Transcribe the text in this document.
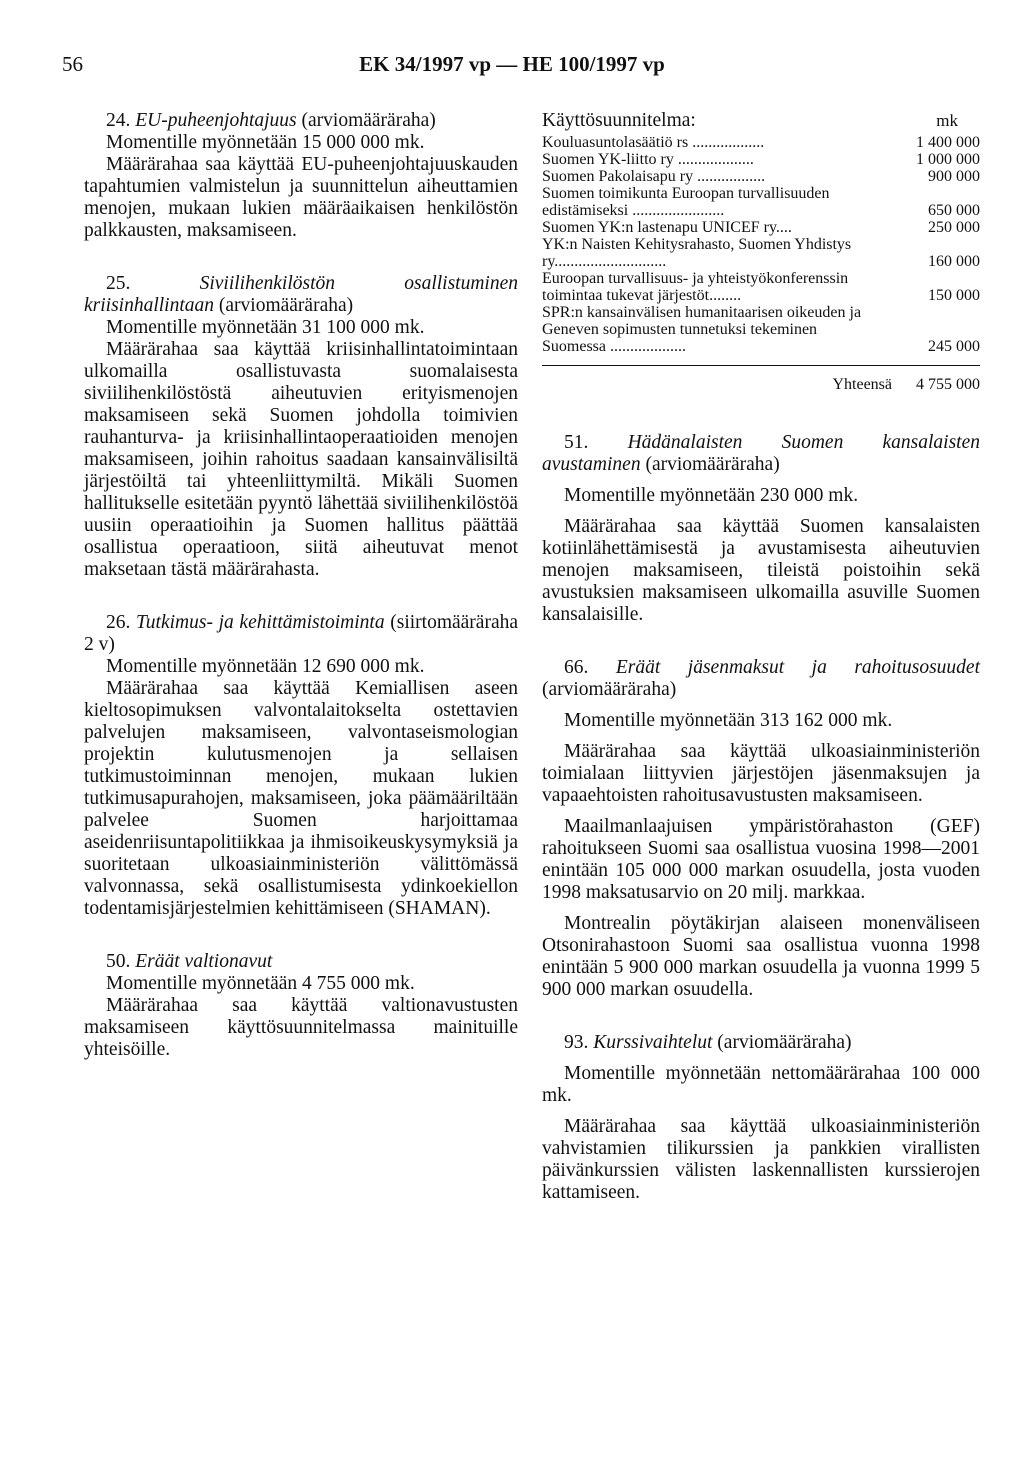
56	EK 34/1997 vp — HE 100/1997 vp

24. EU-puheenjohtajuus (arviomääräraha)

Momentille myönnetään 15 000 000 mk.

Määrärahaa saa käyttää EU-puheenjohtajuuskauden tapahtumien valmistelun ja suunnittelun aiheuttamien menojen, mukaan lukien määräaikaisen henkilöstön palkkausten, maksamiseen.

25.	Siviilihenkilöstön osallistuminen kriisinhallintaan (arviomääräraha)

Momentille myönnetään 31 100 000 mk.

Määrärahaa saa käyttää kriisinhallintatoimintaan ulkomailla osallistuvasta suomalaisesta siviilihenkilöstöstä aiheutuvien erityismenojen maksamiseen sekä Suomen johdolla toimivien rauhanturva- ja kriisinhallintaoperaatioiden menojen maksamiseen, joihin rahoitus saadaan kansainvälisiltä järjestöiltä tai yhteenliittymiltä. Mikäli Suomen hallitukselle esitetään pyyntö lähettää siviilihenkilöstöä uusiin operaatioihin ja Suomen hallitus päättää osallistua operaatioon, siitä aiheutuvat menot maksetaan tästä määrärahasta.

26. Tutkimus- ja kehittämistoiminta (siirtomääräraha 2 v)

Momentille myönnetään 12 690 000 mk.

Määrärahaa saa käyttää Kemiallisen aseen kieltosopimuksen valvontalaitokselta ostettavien palvelujen maksamiseen, valvontaseismologian projektin kulutusmenojen ja sellaisen tutkimustoiminnan menojen, mukaan lukien tutkimusapurahojen, maksamiseen, joka päämääriltään palvelee Suomen harjoittamaa aseidenriisuntapolitiikkaa ja ihmisoikeuskysymyksiä ja suoritetaan ulkoasiainministeriön välittömässä valvonnassa, sekä osallistumisesta ydinkoekiellon todentamisjärjestelmien kehittämiseen (SHAMAN).

50. Eräät valtionavut

Momentille myönnetään 4 755 000 mk.

Määrärahaa saa käyttää valtionavustusten maksamiseen käyttösuunnitelmassa mainituille yhteisöille.

Käyttösuunnitelma:	mk
Kouluasuntolasäätiö rs ..................	1 400 000
Suomen YK-liitto ry ...................	1 000 000
Suomen Pakolaisapu ry .................	900 000
Suomen toimikunta Euroopan turvallisuuden edistämiseksi .......................	650 000
Suomen YK:n lastenapu UNICEF ry....	250 000
YK:n Naisten Kehitysrahasto, Suomen Yhdistys ry............................	160 000
Euroopan turvallisuus- ja yhteistyökonferenssin toimintaa tukevat järjestöt........	150 000
SPR:n kansainvälisen humanitaarisen oikeuden ja Geneven sopimusten tunnetuksi tekeminen Suomessa ...................	245 000
Yhteensä 4 755 000

51. Hädänalaisten Suomen kansalaisten avustaminen (arviomääräraha)

Momentille myönnetään 230 000 mk.

Määrärahaa saa käyttää Suomen kansalaisten kotiinlähettämisestä ja avustamisesta aiheutuvien menojen maksamiseen, tileistä poistoihin sekä avustuksien maksamiseen ulkomailla asuville Suomen kansalaisille.

66. Eräät jäsenmaksut ja rahoitusosuudet (arviomääräraha)

Momentille myönnetään 313 162 000 mk.

Määrärahaa saa käyttää ulkoasiainministeriön toimialaan liittyvien järjestöjen jäsenmaksujen ja vapaaehtoisten rahoitusavustusten maksamiseen.

Maailmanlaajuisen ympäristörahaston (GEF) rahoitukseen Suomi saa osallistua vuosina 1998—2001 enintään 105 000 000 markan osuudella, josta vuoden 1998 maksatusarvio on 20 milj. markkaa.

Montrealin pöytäkirjan alaiseen monenväliseen Otsonirahastoon Suomi saa osallistua vuonna 1998 enintään 5 900 000 markan osuudella ja vuonna 1999 5 900 000 markan osuudella.

93. Kurssivaihtelut (arviomääräraha)

Momentille myönnetään nettomäärärahaa 100 000 mk.

Määrärahaa saa käyttää ulkoasiainministeriön vahvistamien tilikurssien ja pankkien virallisten päivänkurssien välisten laskennallisten kurssierojen kattamiseen.
